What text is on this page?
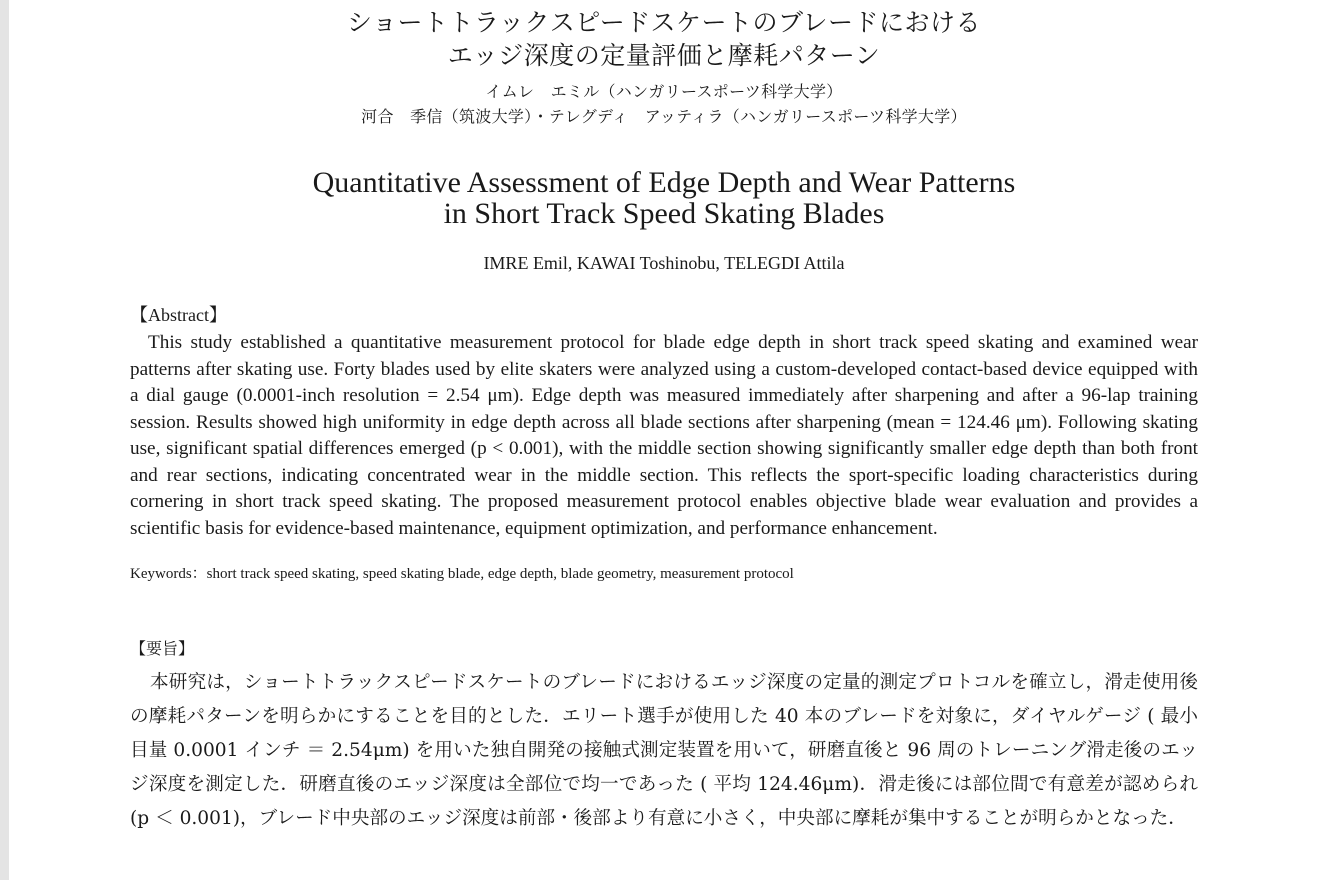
ショートトラックスピードスケートのブレードにおける
エッジ深度の定量評価と摩耗パターン
イムレ　エミル（ハンガリースポーツ科学大学）
河合　季信（筑波大学）・テレグディ　アッティラ（ハンガリースポーツ科学大学）
Quantitative Assessment of Edge Depth and Wear Patterns
in Short Track Speed Skating Blades
IMRE Emil, KAWAI Toshinobu, TELEGDI Attila
【Abstract】

This study established a quantitative measurement protocol for blade edge depth in short track speed skating and examined wear patterns after skating use. Forty blades used by elite skaters were analyzed using a custom-developed contact-based device equipped with a dial gauge (0.0001-inch resolution = 2.54 μm). Edge depth was measured immediately after sharpening and after a 96-lap training session. Results showed high uniformity in edge depth across all blade sections after sharpening (mean = 124.46 μm). Following skating use, significant spatial differences emerged (p < 0.001), with the middle section showing significantly smaller edge depth than both front and rear sections, indicating concentrated wear in the middle section. This reflects the sport-specific loading characteristics during cornering in short track speed skating. The proposed measurement protocol enables objective blade wear evaluation and provides a scientific basis for evidence-based maintenance, equipment optimization, and performance enhancement.

Keywords：short track speed skating, speed skating blade, edge depth, blade geometry, measurement protocol
【要旨】

本研究は，ショートトラックスピードスケートのブレードにおけるエッジ深度の定量的測定プロトコルを確立し，滑走使用後の摩耗パターンを明らかにすることを目的とした．エリート選手が使用した 40 本のブレードを対象に，ダイヤルゲージ ( 最小目量 0.0001 インチ ＝ 2.54μm) を用いた独自開発の接触式測定装置を用いて，研磨直後と 96 周のトレーニング滑走後のエッジ深度を測定した．研磨直後のエッジ深度は全部位で均一であった ( 平均 124.46μm)．滑走後には部位間で有意差が認められ (p ＜ 0.001)，ブレード中央部のエッジ深度は前部・後部より有意に小さく，中央部に摩耗が集中することが明らかとなった．
